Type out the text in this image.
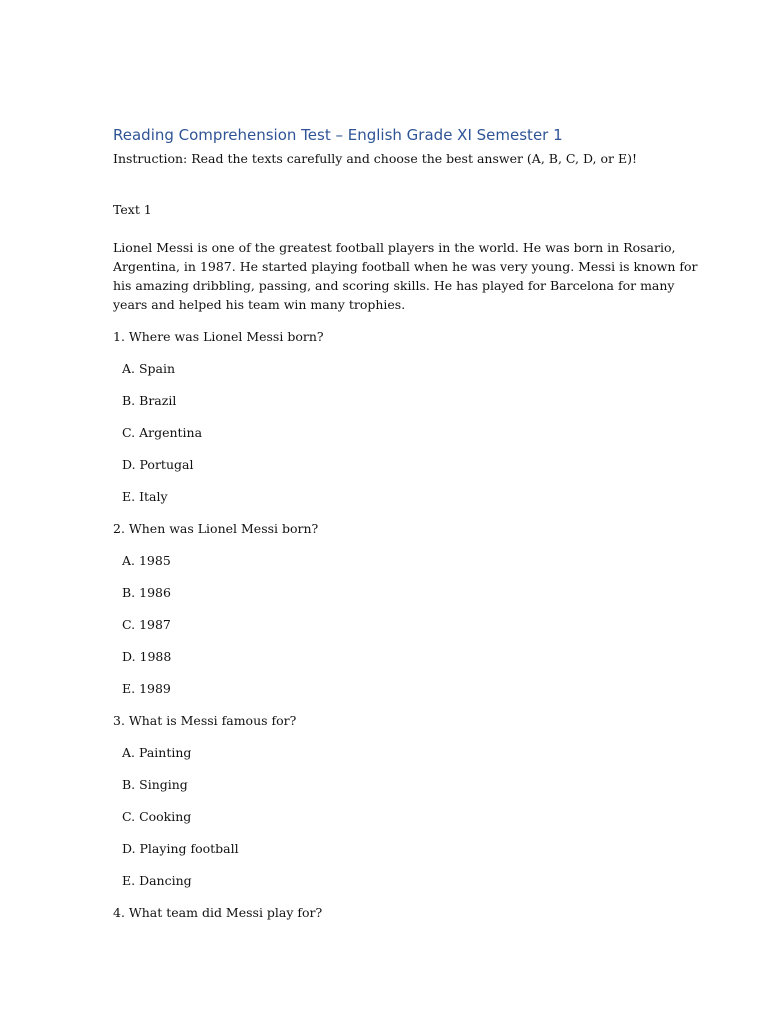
Reading Comprehension Test – English Grade XI Semester 1
Instruction: Read the texts carefully and choose the best answer (A, B, C, D, or E)!
Text 1
Lionel Messi is one of the greatest football players in the world. He was born in Rosario,
Argentina, in 1987. He started playing football when he was very young. Messi is known for
his amazing dribbling, passing, and scoring skills. He has played for Barcelona for many
years and helped his team win many trophies.
1. Where was Lionel Messi born?
A. Spain
B. Brazil
C. Argentina
D. Portugal
E. Italy
2. When was Lionel Messi born?
A. 1985
B. 1986
C. 1987
D. 1988
E. 1989
3. What is Messi famous for?
A. Painting
B. Singing
C. Cooking
D. Playing football
E. Dancing
4. What team did Messi play for?
